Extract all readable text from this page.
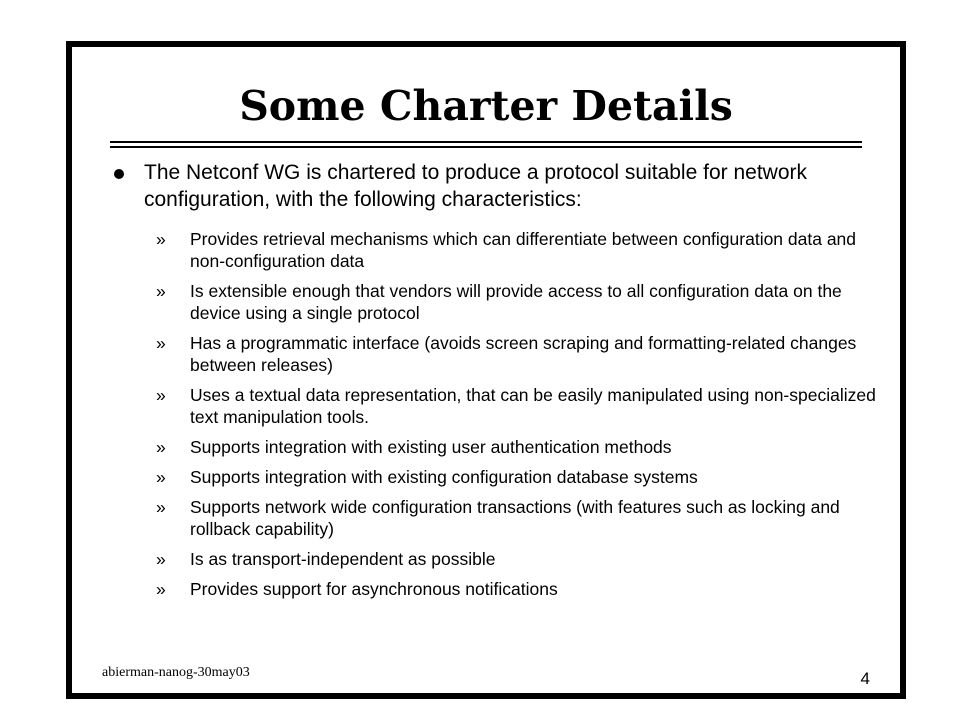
Some Charter Details
The Netconf WG is chartered to produce a protocol suitable for network configuration, with the following characteristics:
» Provides retrieval mechanisms which can differentiate between configuration data and non-configuration data
» Is extensible enough that vendors will provide access to all configuration data on the device using a single protocol
» Has a programmatic interface (avoids screen scraping and formatting-related changes between releases)
» Uses a textual data representation, that can be easily manipulated using non-specialized text manipulation tools.
» Supports integration with existing user authentication methods
» Supports integration with existing configuration database systems
» Supports network wide configuration transactions (with features such as locking and rollback capability)
» Is as transport-independent as possible
» Provides support for asynchronous notifications
abierman-nanog-30may03	4
